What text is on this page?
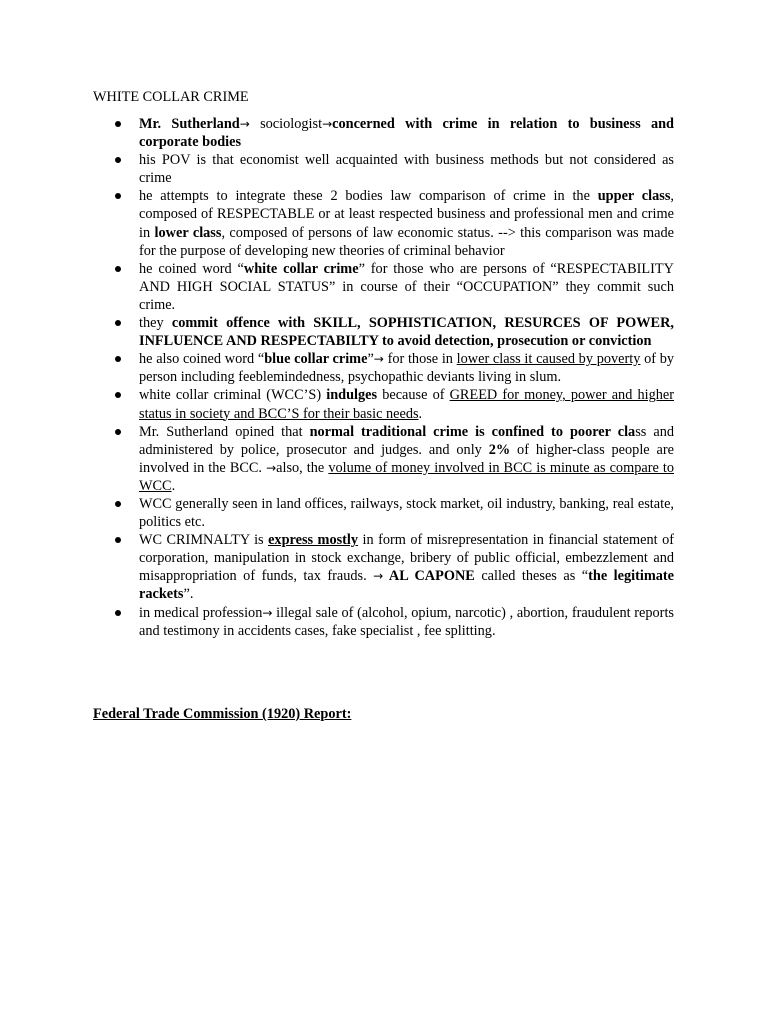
WHITE COLLAR CRIME
Mr. Sutherland→ sociologist→concerned with crime in relation to business and corporate bodies
his POV is that economist well acquainted with business methods but not considered as crime
he attempts to integrate these 2 bodies law comparison of crime in the upper class, composed of RESPECTABLE or at least respected business and professional men and crime in lower class, composed of persons of law economic status. --> this comparison was made for the purpose of developing new theories of criminal behavior
he coined word “white collar crime” for those who are persons of “RESPECTABILITY AND HIGH SOCIAL STATUS” in course of their “OCCUPATION” they commit such crime.
they commit offence with SKILL, SOPHISTICATION, RESURCES OF POWER, INFLUENCE AND RESPECTABILTY to avoid detection, prosecution or conviction
he also coined word “blue collar crime”→ for those in lower class it caused by poverty of by person including feeblemindedness, psychopathic deviants living in slum.
white collar criminal (WCC’S) indulges because of GREED for money, power and higher status in society and BCC’S for their basic needs.
Mr. Sutherland opined that normal traditional crime is confined to poorer class and administered by police, prosecutor and judges. and only 2% of higher-class people are involved in the BCC. →also, the volume of money involved in BCC is minute as compare to WCC.
WCC generally seen in land offices, railways, stock market, oil industry, banking, real estate, politics etc.
WC CRIMNALTY is express mostly in form of misrepresentation in financial statement of corporation, manipulation in stock exchange, bribery of public official, embezzlement and misappropriation of funds, tax frauds. → AL CAPONE called theses as “the legitimate rackets”.
in medical profession→ illegal sale of (alcohol, opium, narcotic) , abortion, fraudulent reports and testimony in accidents cases, fake specialist , fee splitting.

Federal Trade Commission (1920) Report:
